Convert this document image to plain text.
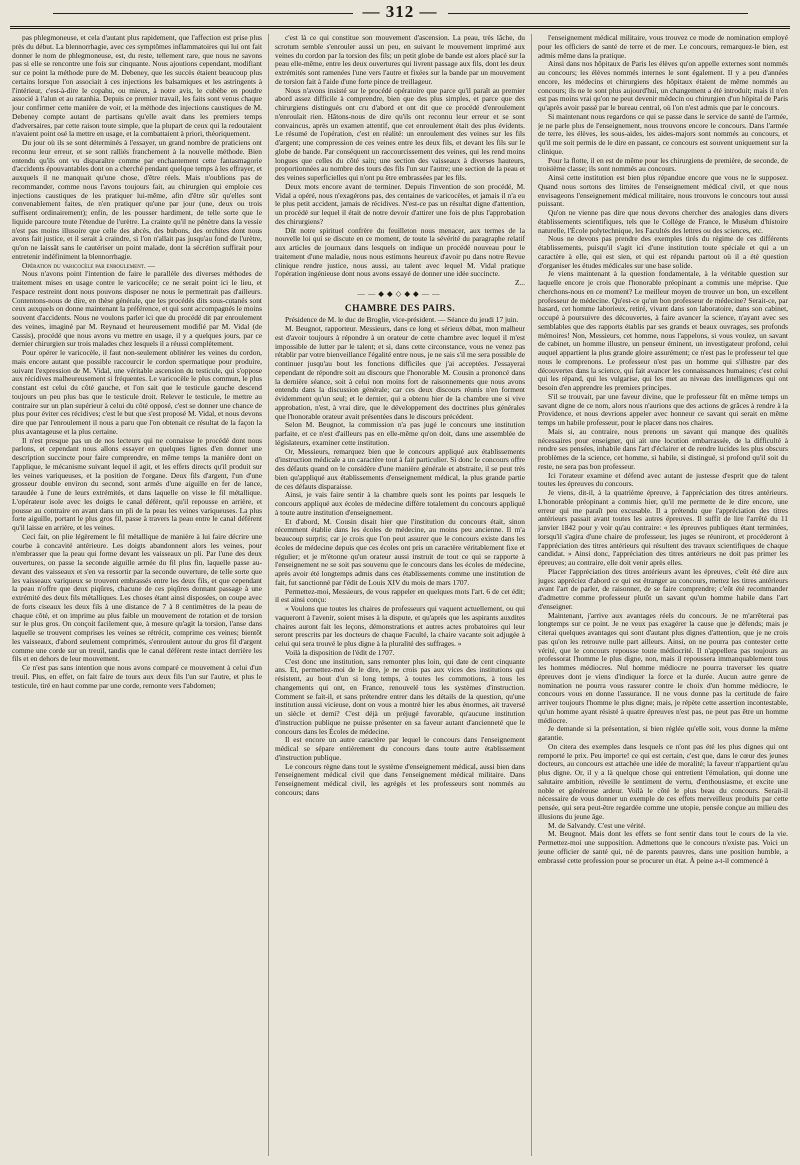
— 312 —

pas phlegmoneuse, et cela d'autant plus rapidement, que l'affection est prise plus près du début. La blennorrhagie, avec ces symptômes inflammatoires qui lui ont fait donner le nom de phlegmoneuse, est, du reste, tellement rare, que nous ne savons pas si elle se rencontre une fois sur cinquante. Nous ajoutions cependant, modifiant sur ce point la méthode pure de M. Debeney, que les succès étaient beaucoup plus certains lorsque l'on associait à ces injections les balsamiques et les astringents à l'intérieur, c'est-à-dire le copahu, ou mieux, à notre avis, le cubèbe en poudre associé à l'alun et au ratanhia. Depuis ce premier travail, les faits sont venus chaque jour confirmer cette manière de voir, et la méthode des injections caustiques de M. Debeney compte autant de partisans qu'elle avait dans les premiers temps d'adversaires, par cette raison toute simple, que la plupart de ceux qui la redoutaient n'avaient point osé la mettre en usage, et la combattaient à priori, théoriquement.

Du jour où ils se sont déterminés à l'essayer, un grand nombre de praticiens ont reconnu leur erreur, et se sont ralliés franchement à la nouvelle méthode. Bien entendu qu'ils ont vu disparaître comme par enchantement cette fantasmagorie d'accidents épouvantables dont on a cherché pendant quelque temps à les effrayer, et auxquels il ne manquait qu'une chose, d'être réels. Mais n'oublions pas de recommander, comme nous l'avons toujours fait, au chirurgien qui emploie ces injections caustiques de les pratiquer lui-même, afin d'être sûr qu'elles sont convenablement faites, de n'en pratiquer qu'une par jour (une, deux ou trois suffisent ordinairement); enfin, de les pousser hardiment, de telle sorte que le liquide parcoure toute l'étendue de l'urètre. La crainte qu'il ne pénètre dans la vessie n'est pas moins illusoire que celle des abcès, des bubons, des orchites dont nous avons fait justice, et il serait à craindre, si l'on n'allait pas jusqu'au fond de l'urètre, qu'on ne laissât sans le cautériser un point malade, dont la sécrétion suffirait pour entretenir indéfiniment la blennorrhagie.

Opération du varicocèle par enroulement. —

Nous n'avons point l'intention de faire le parallèle des diverses méthodes de traitement mises en usage contre le varicocèle; ce ne serait point ici le lieu, et l'espace restreint dont nous pouvons disposer ne nous le permettrait pas d'ailleurs. Contentons-nous de dire, en thèse générale, que les procédés dits sous-cutanés sont ceux auxquels on donne maintenant la préférence, et qui sont accompagnés le moins souvent d'accidents. Nous ne voulons parler ici que du procédé dit par enroulement des veines, imaginé par M. Reynaud et heureusement modifié par M. Vidal (de Cassis), procédé que nous avons vu mettre en usage, il y a quelques jours, par ce dernier chirurgien sur trois malades chez lesquels il a réussi complètement.

Pour opérer le varicocèle, il faut non-seulement oblitérer les veines du cordon, mais encore autant que possible raccourcir le cordon spermatique pour produire, suivant l'expression de M. Vidal, une véritable ascension du testicule, qui s'oppose aux récidives malheureusement si fréquentes. Le varicocèle le plus commun, le plus constant est celui du côté gauche, et l'on sait que le testicule gauche descend toujours un peu plus bas que le testicule droit. Relever le testicule, le mettre au contraire sur un plan supérieur à celui du côté opposé, c'est se donner une chance de plus pour éviter ces récidives; c'est le but que s'est proposé M. Vidal, et nous devons dire que par l'enroulement il nous a paru que l'on obtenait ce résultat de la façon la plus avantageuse et la plus certaine.

Il n'est presque pas un de nos lecteurs qui ne connaisse le procédé dont nous parlons, et cependant nous allons essayer en quelques lignes d'en donner une description succincte pour faire comprendre, en même temps la manière dont on l'applique, le mécanisme suivant lequel il agit, et les effets directs qu'il produit sur les veines variqueuses, et la position de l'organe. Deux fils d'argent, l'un d'une grosseur double environ du second, sont armés d'une aiguille en fer de lance, taraudée à l'une de leurs extrémités, et dans laquelle on visse le fil métallique. L'opérateur isole avec les doigts le canal déférent, qu'il repousse en arrière, et pousse au contraire en avant dans un pli de la peau les veines variqueuses. La plus forte aiguille, portant le plus gros fil, passe à travers la peau entre le canal déférent qu'il laisse en arrière, et les veines.

Ceci fait, on plie légèrement le fil métallique de manière à lui faire décrire une courbe à concavité antérieure. Les doigts abandonnent alors les veines, pour n'embrasser que la peau qui forme devant les vaisseaux un pli. Par l'une des deux ouvertures, on passe la seconde aiguille armée du fil plus fin, laquelle passe au-devant des vaisseaux et s'en va ressortir par la seconde ouverture, de telle sorte que les vaisseaux variqueux se trouvent embrassés entre les deux fils, et que cependant la peau n'offre que deux piqûres, chacune de ces piqûres donnant passage à une extrémité des deux fils métalliques. Les choses étant ainsi disposées, on coupe avec de forts ciseaux les deux fils à une distance de 7 à 8 centimètres de la peau de chaque côté, et on imprime au plus faible un mouvement de rotation et de torsion sur le plus gros. On conçoit facilement que, à mesure qu'agit la torsion, l'anse dans laquelle se trouvent comprises les veines se rétrécit, comprime ces veines; bientôt les vaisseaux, d'abord seulement comprimés, s'enroulent autour du gros fil d'argent comme une corde sur un treuil, tandis que le canal déférent reste intact derrière les fils et en dehors de leur mouvement.

Ce n'est pas sans intention que nous avons comparé ce mouvement à celui d'un treuil. Plus, en effet, on fait faire de tours aux deux fils l'un sur l'autre, et plus le testicule, tiré en haut comme par une corde, remonte vers l'abdomen;

c'est là ce qui constitue son mouvement d'ascension. La peau, très lâche, du scrotum semble s'enrouler aussi un peu, en suivant le mouvement imprimé aux veines du cordon par la torsion des fils; un petit globe de bande est alors placé sur la peau elle-même, entre les deux ouvertures qui livrent passage aux fils, dont les deux extrémités sont ramenées l'une vers l'autre et fixées sur la bande par un mouvement de torsion fait à l'aide d'une forte pince de treillageur.

Nous n'avons insisté sur le procédé opératoire que parce qu'il paraît au premier abord assez difficile à comprendre, bien que des plus simples, et parce que des chirurgiens distingués ont cru d'abord et ont dit que ce procédé d'enroulement n'enroulait rien. Hâtons-nous de dire qu'ils ont reconnu leur erreur et se sont convaincus, après un examen attentif, que cet enroulement était des plus évidents. Le résumé de l'opération, c'est en réalité: un enroulement des veines sur les fils d'argent; une compression de ces veines entre les deux fils, et devant les fils sur le globe de bande. Par conséquent un raccourcissement des veines, qui les rend moins longues que celles du côté sain; une section des vaisseaux à diverses hauteurs, proportionnées au nombre des tours des fils l'un sur l'autre; une section de la peau et des veines superficielles qui n'ont pu être embrassées par les fils.

Deux mots encore avant de terminer. Depuis l'invention de son procédé, M. Vidal a opéré, nous n'exagérons pas, des centaines de varicocèles, et jamais il n'a eu le plus petit accident, jamais de récidives. N'est-ce pas un résultat digne d'attention, un procédé sur lequel il était de notre devoir d'attirer une fois de plus l'approbation des chirurgiens?

Dût notre spirituel confrère du feuilleton nous menacer, aux termes de la nouvelle loi qui se discute en ce moment, de toute la sévérité du paragraphe relatif aux articles de journaux dans lesquels on indique un procédé nouveau pour le traitement d'une maladie, nous nous estimons heureux d'avoir pu dans notre Revue clinique rendre justice, nous aussi, au talent avec lequel M. Vidal pratique l'opération ingénieuse dont nous avons essayé de donner une idée succincte.

Z...

——◆◆◇◆◆——

CHAMBRE DES PAIRS.

Présidence de M. le duc de Broglie, vice-président. — Séance du jeudi 17 juin.

M. Beugnot, rapporteur. Messieurs, dans ce long et sérieux débat, mon malheur est d'avoir toujours à répondre à un orateur de cette chambre avec lequel il m'est impossible de lutter par le talent; et si, dans cette circonstance, vous ne venez pas rétablir par votre bienveillance l'égalité entre nous, je ne sais s'il me sera possible de continuer jusqu'au bout les fonctions difficiles que j'ai acceptées. J'essayerai cependant de répondre soit au discours que l'honorable M. Cousin a prononcé dans la dernière séance, soit à celui non moins fort de raisonnements que nous avons entendu dans la discussion générale; car ces deux discours réunis n'en forment évidemment qu'un seul; et le dernier, qui a obtenu hier de la chambre une si vive approbation, n'est, à vrai dire, que le développement des doctrines plus générales que l'honorable orateur avait présentées dans le discours précédent.

Selon M. Beugnot, la commission n'a pas jugé le concours une institution parfaite, et ce n'est d'ailleurs pas en elle-même qu'on doit, dans une assemblée de législateurs, examiner cette institution.

Or, Messieurs, remarquez bien que le concours appliqué aux établissements d'instruction médicale a un caractère tout à fait particulier. Si donc le concours offre des défauts quand on le considère d'une manière générale et abstraite, il se peut très bien qu'appliqué aux établissements d'enseignement médical, la plus grande partie de ces défauts disparaisse.

Ainsi, je vais faire sentir à la chambre quels sont les points par lesquels le concours appliqué aux écoles de médecine diffère totalement du concours appliqué à toute autre institution d'enseignement.

Et d'abord, M. Cousin disait hier que l'institution du concours était, sinon récemment établie dans les écoles de médecine, au moins peu ancienne. Il m'a beaucoup surpris; car je crois que l'on peut assurer que le concours existe dans les écoles de médecine depuis que ces écoles ont pris un caractère véritablement fixe et régulier; et je m'étonne qu'un orateur aussi instruit de tout ce qui se rapporte à l'enseignement ne se soit pas souvenu que le concours dans les écoles de médecine, après avoir été longtemps admis dans ces établissements comme une institution de fait, fut sanctionné par l'édit de Louis XIV du mois de mars 1707.

Permettez-moi, Messieurs, de vous rappeler en quelques mots l'art. 6 de cet édit; il est ainsi conçu:

« Voulons que toutes les chaires de professeurs qui vaquent actuellement, ou qui vaqueront à l'avenir, soient mises à la dispute, et qu'après que les aspirants auxdites chaires auront fait les leçons, démonstrations et autres actes probatoires qui leur seront prescrits par les docteurs de chaque Faculté, la chaire vacante soit adjugée à celui qui sera trouvé le plus digne à la pluralité des suffrages. »

Voilà la disposition de l'édit de 1707.

C'est donc une institution, sans remonter plus loin, qui date de cent cinquante ans. Et, permettez-moi de le dire, je ne crois pas aux vices des institutions qui résistent, au bout d'un si long temps, à toutes les commotions, à tous les changements qui ont, en France, renouvelé tous les systèmes d'instruction. Comment se fait-il, et sans prétendre entrer dans les détails de la question, qu'une institution aussi vicieuse, dont on vous a montré hier les abus énormes, ait traversé un siècle et demi? C'est déjà un préjugé favorable, qu'aucune institution d'instruction publique ne puisse présenter en sa faveur autant d'ancienneté que le concours dans les Écoles de médecine.

Il est encore un autre caractère par lequel le concours dans l'enseignement médical se sépare entièrement du concours dans toute autre établissement d'instruction publique.

Le concours règne dans tout le système d'enseignement médical, aussi bien dans l'enseignement médical civil que dans l'enseignement médical militaire. Dans l'enseignement médical civil, les agrégés et les professeurs sont nommés au concours; dans

l'enseignement médical militaire, vous trouvez ce mode de nomination employé pour les officiers de santé de terre et de mer. Le concours, remarquez-le bien, est admis même dans la pratique.

Ainsi dans nos hôpitaux de Paris les élèves qu'on appelle externes sont nommés au concours; les élèves nommés internes le sont également. Il y a peu d'années encore, les médecins et chirurgiens des hôpitaux étaient de même nommés au concours; ils ne le sont plus aujourd'hui, un changement a été introduit; mais il n'en est pas moins vrai qu'on ne peut devenir médecin ou chirurgien d'un hôpital de Paris qu'après avoir passé par le bureau central, où l'on n'est admis que par le concours.

Si maintenant nous regardons ce qui se passe dans le service de santé de l'armée, je ne parle plus de l'enseignement, nous trouvons encore le concours. Dans l'armée de terre, les élèves, les sous-aides, les aides-majors sont nommés au concours, et qu'il me soit permis de le dire en passant, ce concours est souvent uniquement sur la clinique.

Pour la flotte, il en est de même pour les chirurgiens de première, de seconde, de troisième classe; ils sont nommés au concours.

Ainsi cette institution est bien plus répandue encore que vous ne le supposez. Quand nous sortons des limites de l'enseignement médical civil, et que nous envisageons l'enseignement médical militaire, nous trouvons le concours tout aussi puissant.

Qu'on ne vienne pas dire que nous devons chercher des analogies dans divers établissements scientifiques, tels que le Collège de France, le Muséum d'histoire naturelle, l'École polytechnique, les Facultés des lettres ou des sciences, etc.

Nous ne devons pas prendre des exemples tirés du régime de ces différents établissements, puisqu'il s'agit ici d'une institution toute spéciale et qui a un caractère à elle, qui est sien, et qui est répandu partout où il a été question d'organiser les études médicales sur une base solide.

Je viens maintenant à la question fondamentale, à la véritable question sur laquelle encore je crois que l'honorable préopinant a commis une méprise. Que cherchons-nous en ce moment? Le meilleur moyen de trouver un bon, un excellent professeur de médecine. Qu'est-ce qu'un bon professeur de médecine? Serait-ce, par hasard, cet homme laborieux, retiré, vivant dans son laboratoire, dans son cabinet, occupé à poursuivre des découvertes, à faire avancer la science, n'ayant avec ses semblables que des rapports établis par ses grands et beaux ouvrages, ses profonds mémoires! Non, Messieurs, cet homme, nous l'appelons, si vous voulez, un savant de cabinet, un homme illustre, un penseur éminent, un investigateur profond, celui auquel appartient la plus grande gloire assurément; ce n'est pas le professeur tel que nous le comprenons. Le professeur n'est pas un homme qui s'illustre par des découvertes dans la science, qui fait avancer les connaissances humaines; c'est celui qui les répand, qui les vulgarise, qui les met au niveau des intelligences qui ont besoin d'en apprendre les premiers principes.

S'il se trouvait, par une faveur divine, que le professeur fût en même temps un savant digne de ce nom, alors nous n'aurions que des actions de grâces à rendre à la Providence, et nous devrions appeler avec honneur ce savant qui serait en même temps un habile professeur, pour le placer dans nos chaires.

Mais si, au contraire, nous prenons un savant qui manque des qualités nécessaires pour enseigner, qui ait une locution embarrassée, de la difficulté à rendre ses pensées, inhabile dans l'art d'éclairer et de rendre lucides les plus obscurs problèmes de la science, cet homme, si habile, si distingué, si profond qu'il soit du reste, ne sera pas bon professeur.

Ici l'orateur examine et défend avec autant de justesse d'esprit que de talent toutes les épreuves du concours.

Je viens, dit-il, à la quatrième épreuve, à l'appréciation des titres antérieurs. L'honorable préopinant a commis hier, qu'il me permette de le dire encore, une erreur qui me paraît peu excusable. Il a prétendu que l'appréciation des titres antérieurs passait avant toutes les autres épreuves. Il suffit de lire l'arrêté du 11 janvier 1842 pour y voir qu'au contraire: « les épreuves publiques étant terminées, lorsqu'il s'agira d'une chaire de professeur, les juges se réuniront, et procéderont à l'appréciation des titres antérieurs qui résultent des travaux scientifiques de chaque candidat. » Ainsi donc, l'appréciation des titres antérieurs ne doit pas primer les épreuves; au contraire, elle doit venir après elles.

Placer l'appréciation des titres antérieurs avant les épreuves, c'eût été dire aux juges: appréciez d'abord ce qui est étranger au concours, mettez les titres antérieurs avant l'art de parler, de raisonner, de se faire comprendre; c'eût été recommander d'admettre comme professeur plutôt un savant qu'un homme habile dans l'art d'enseigner.

Maintenant, j'arrive aux avantages réels du concours. Je ne m'arrêterai pas longtemps sur ce point. Je ne veux pas exagérer la cause que je défends; mais je citerai quelques avantages qui sont d'autant plus dignes d'attention, que je ne crois pas qu'on les retrouve nulle part ailleurs. Ainsi, on ne pourra pas contester cette vérité, que le concours repousse toute médiocrité. Il n'appellera pas toujours au professorat l'homme le plus digne, non, mais il repoussera immanquablement tous les hommes médiocres. Nul homme médiocre ne pourra traverser les quatre épreuves dont je viens d'indiquer la force et la durée. Aucun autre genre de nomination ne pourra vous rassurer contre le choix d'un homme médiocre, le concours vous en donne l'assurance. Il ne vous donne pas la certitude de faire arriver toujours l'homme le plus digne; mais, je répète cette assertion incontestable, qu'un homme ayant résisté à quatre épreuves n'est pas, ne peut pas être un homme médiocre.

Je demande si la présentation, si bien réglée qu'elle soit, vous donne la même garantie.

On citera des exemples dans lesquels ce n'ont pas été les plus dignes qui ont remporté le prix. Peu importe! ce qui est certain, c'est que, dans le cœur des jeunes docteurs, au concours est attachée une idée de moralité; la faveur n'appartient qu'au plus digne. Or, il y a là quelque chose qui entretient l'émulation, qui donne une salutaire ambition, réveille le sentiment de vertu, d'enthousiasme, et excite une noble et généreuse ardeur. Voilà le côté le plus beau du concours. Serait-il nécessaire de vous donner un exemple de ces effets merveilleux produits par cette pensée, qui sera peut-être regardée comme une utopie, pensée conçue au milieu des illusions du jeune âge.

M. de Salvandy. C'est une vérité.

M. Beugnot. Mais dont les effets se font sentir dans tout le cours de la vie. Permettez-moi une supposition. Admettons que le concours n'existe pas. Voici un jeune officier de santé qui, né de parents pauvres, dans une position humble, a embrassé cette profession pour se procurer un état. À peine a-t-il commencé à
